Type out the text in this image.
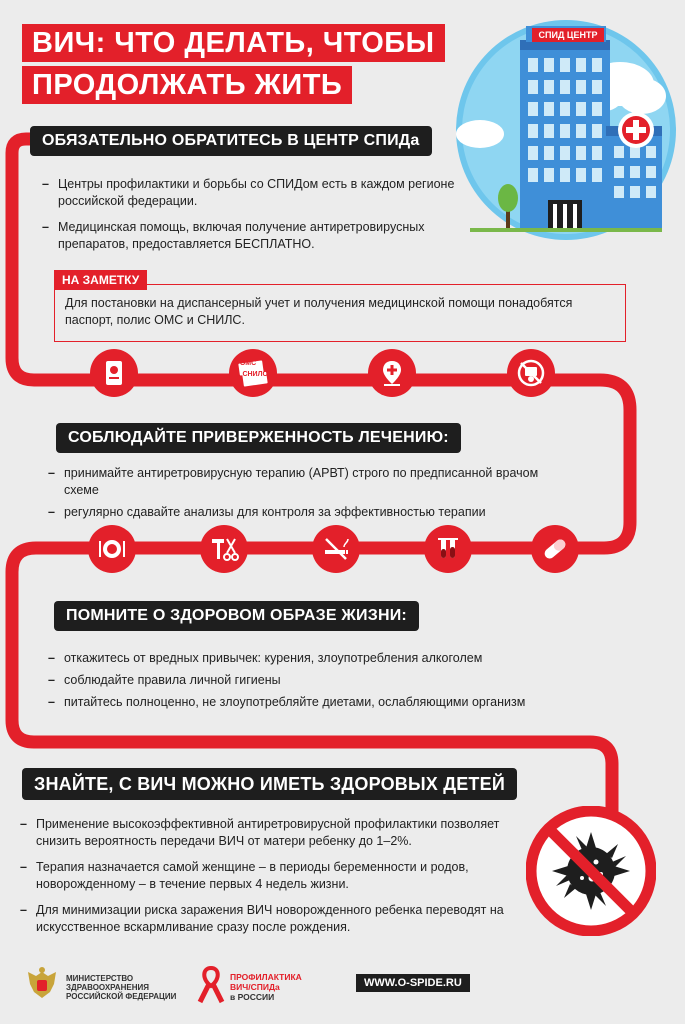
ВИЧ: ЧТО ДЕЛАТЬ, ЧТОБЫ
ПРОДОЛЖАТЬ ЖИТЬ
СПИД ЦЕНТР
ОБЯЗАТЕЛЬНО ОБРАТИТЕСЬ В ЦЕНТР СПИДа
– Центры профилактики и борьбы со СПИДом есть в каждом регионе российской федерации.
– Медицинская помощь, включая получение антиретровирусных препаратов, предоставляется БЕСПЛАТНО.
Для постановки на диспансерный учет и получения медицинской помощи понадобятся паспорт, полис ОМС и СНИЛС.
НА ЗАМЕТКУ
ОМС
СНИЛС
СОБЛЮДАЙТЕ ПРИВЕРЖЕННОСТЬ ЛЕЧЕНИЮ:
– принимайте антиретровирусную терапию (АРВТ) строго по предписанной врачом схеме
– регулярно сдавайте анализы для контроля за эффективностью терапии
ПОМНИТЕ О ЗДОРОВОМ ОБРАЗЕ ЖИЗНИ:
– откажитесь от вредных привычек: курения, злоупотребления алкоголем
– соблюдайте правила личной гигиены
– питайтесь полноценно, не злоупотребляйте диетами, ослабляющими организм
ЗНАЙТЕ, С ВИЧ МОЖНО ИМЕТЬ ЗДОРОВЫХ ДЕТЕЙ
– Применение высокоэффективной антиретровирусной профилактики позволяет снизить вероятность передачи ВИЧ от матери ребенку до 1–2%.
– Терапия назначается самой женщине – в периоды беременности и родов, новорожденному – в течение первых 4 недель жизни.
– Для минимизации риска заражения ВИЧ новорожденного ребенка переводят на искусственное вскармливание сразу после рождения.
МИНИСТЕРСТВО
ЗДРАВООХРАНЕНИЯ
РОССИЙСКОЙ ФЕДЕРАЦИИ
ПРОФИЛАКТИКА
ВИЧ/СПИДа
в РОССИИ
WWW.O-SPIDE.RU
